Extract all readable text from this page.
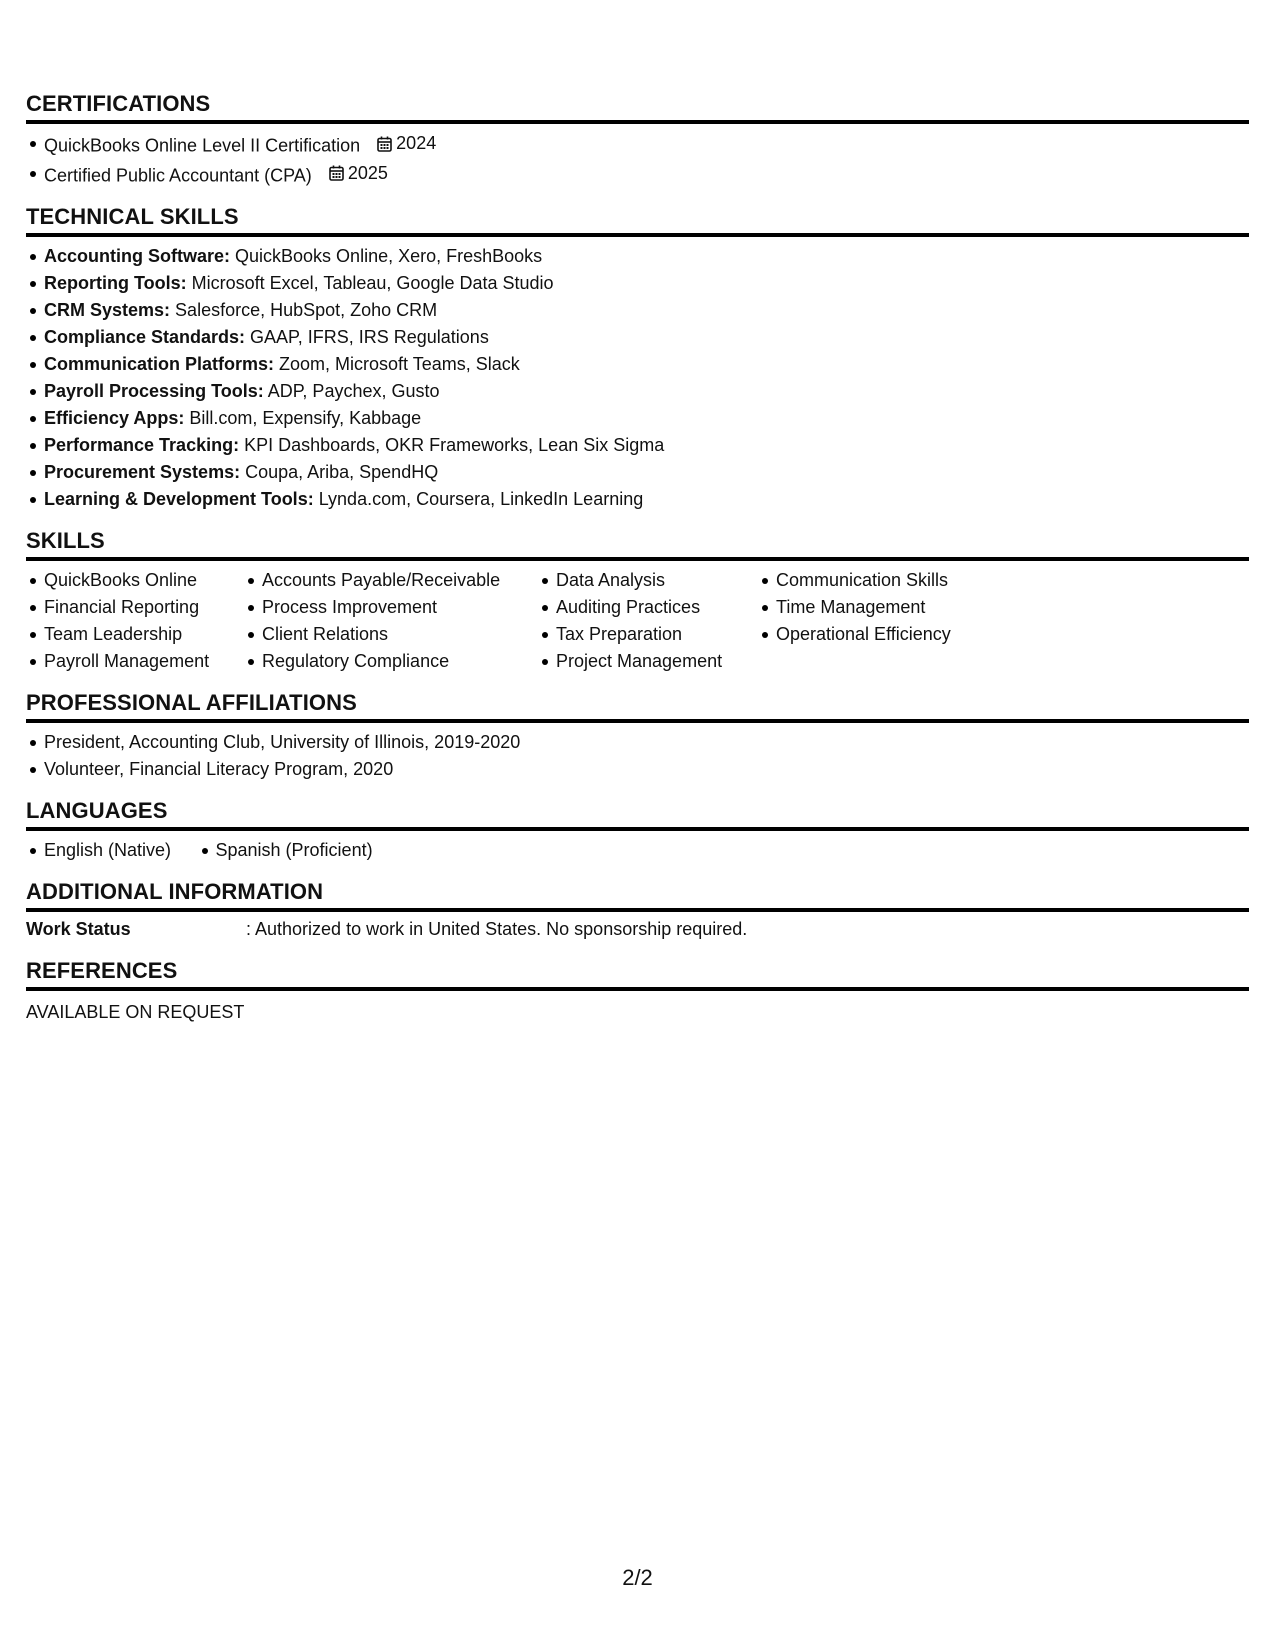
CERTIFICATIONS
QuickBooks Online Level II Certification 2024
Certified Public Accountant (CPA) 2025
TECHNICAL SKILLS
Accounting Software: QuickBooks Online, Xero, FreshBooks
Reporting Tools: Microsoft Excel, Tableau, Google Data Studio
CRM Systems: Salesforce, HubSpot, Zoho CRM
Compliance Standards: GAAP, IFRS, IRS Regulations
Communication Platforms: Zoom, Microsoft Teams, Slack
Payroll Processing Tools: ADP, Paychex, Gusto
Efficiency Apps: Bill.com, Expensify, Kabbage
Performance Tracking: KPI Dashboards, OKR Frameworks, Lean Six Sigma
Procurement Systems: Coupa, Ariba, SpendHQ
Learning & Development Tools: Lynda.com, Coursera, LinkedIn Learning
SKILLS
QuickBooks Online
Financial Reporting
Team Leadership
Payroll Management
Accounts Payable/Receivable
Process Improvement
Client Relations
Regulatory Compliance
Data Analysis
Auditing Practices
Tax Preparation
Project Management
Communication Skills
Time Management
Operational Efficiency
PROFESSIONAL AFFILIATIONS
President, Accounting Club, University of Illinois, 2019-2020
Volunteer, Financial Literacy Program, 2020
LANGUAGES
English (Native) Spanish (Proficient)
ADDITIONAL INFORMATION
Work Status	: Authorized to work in United States. No sponsorship required.
REFERENCES
AVAILABLE ON REQUEST
2/2
